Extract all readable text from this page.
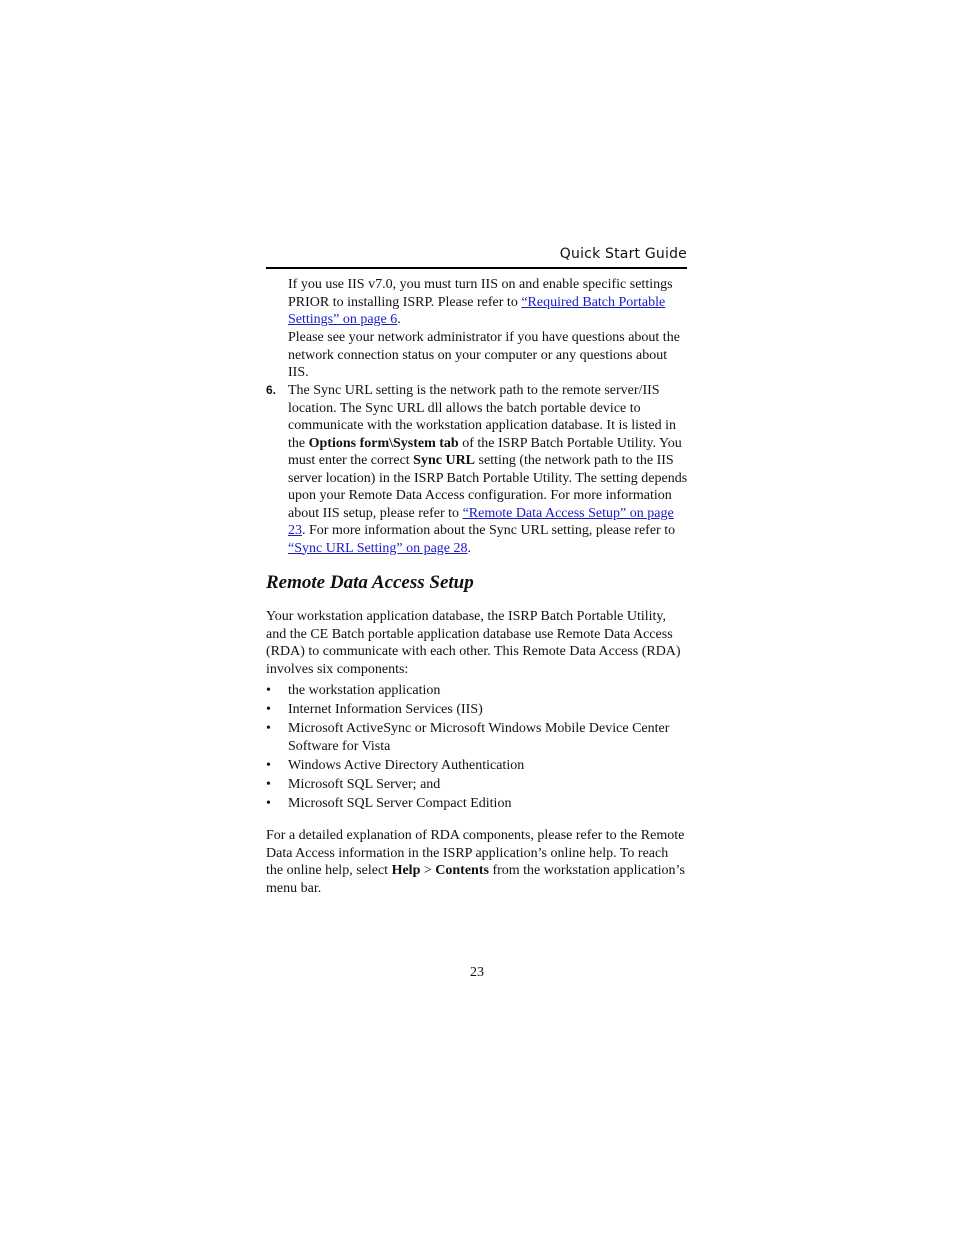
Quick Start Guide
If you use IIS v7.0, you must turn IIS on and enable specific settings PRIOR to installing ISRP. Please refer to “Required Batch Portable Settings” on page 6.
Please see your network administrator if you have questions about the network connection status on your computer or any questions about IIS.
6. The Sync URL setting is the network path to the remote server/IIS location. The Sync URL dll allows the batch portable device to communicate with the workstation application database. It is listed in the Options form\System tab of the ISRP Batch Portable Utility. You must enter the correct Sync URL setting (the network path to the IIS server location) in the ISRP Batch Portable Utility. The setting depends upon your Remote Data Access configuration. For more information about IIS setup, please refer to “Remote Data Access Setup” on page 23. For more information about the Sync URL setting, please refer to “Sync URL Setting” on page 28.
Remote Data Access Setup
Your workstation application database, the ISRP Batch Portable Utility, and the CE Batch portable application database use Remote Data Access (RDA) to communicate with each other. This Remote Data Access (RDA) involves six components:
• the workstation application
• Internet Information Services (IIS)
• Microsoft ActiveSync or Microsoft Windows Mobile Device Center Software for Vista
• Windows Active Directory Authentication
• Microsoft SQL Server; and
• Microsoft SQL Server Compact Edition
For a detailed explanation of RDA components, please refer to the Remote Data Access information in the ISRP application’s online help. To reach the online help, select Help > Contents from the workstation application’s menu bar.
23
